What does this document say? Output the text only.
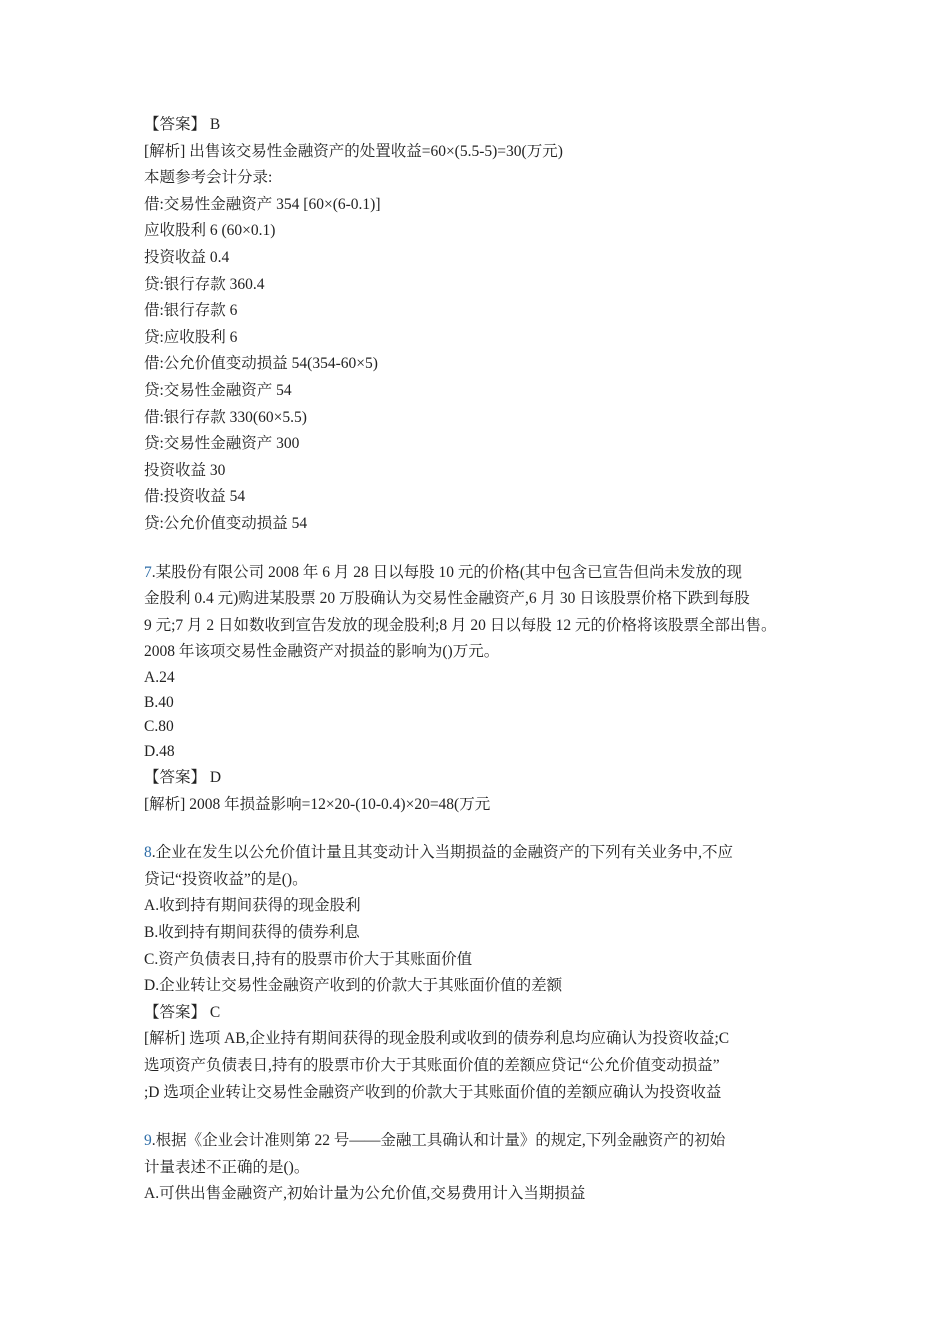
【答案】 B
[解析] 出售该交易性金融资产的处置收益=60×(5.5-5)=30(万元)
本题参考会计分录:
借:交易性金融资产 354 [60×(6-0.1)]
应收股利 6 (60×0.1)
投资收益 0.4
贷:银行存款 360.4
借:银行存款 6
贷:应收股利 6
借:公允价值变动损益 54(354-60×5)
贷:交易性金融资产 54
借:银行存款 330(60×5.5)
贷:交易性金融资产 300
投资收益 30
借:投资收益 54
贷:公允价值变动损益 54
7.某股份有限公司 2008 年 6 月 28 日以每股 10 元的价格(其中包含已宣告但尚未发放的现
金股利 0.4 元)购进某股票 20 万股确认为交易性金融资产,6 月 30 日该股票价格下跌到每股
9 元;7 月 2 日如数收到宣告发放的现金股利;8 月 20 日以每股 12 元的价格将该股票全部出售。
2008 年该项交易性金融资产对损益的影响为()万元。
A.24
B.40
C.80
D.48
【答案】 D
[解析] 2008 年损益影响=12×20-(10-0.4)×20=48(万元
8.企业在发生以公允价值计量且其变动计入当期损益的金融资产的下列有关业务中,不应
贷记“投资收益”的是()。
A.收到持有期间获得的现金股利
B.收到持有期间获得的债券利息
C.资产负债表日,持有的股票市价大于其账面价值
D.企业转让交易性金融资产收到的价款大于其账面价值的差额
【答案】 C
[解析] 选项 AB,企业持有期间获得的现金股利或收到的债券利息均应确认为投资收益;C
选项资产负债表日,持有的股票市价大于其账面价值的差额应贷记“公允价值变动损益”
;D 选项企业转让交易性金融资产收到的价款大于其账面价值的差额应确认为投资收益
9.根据《企业会计准则第 22 号——金融工具确认和计量》的规定,下列金融资产的初始
计量表述不正确的是()。
A.可供出售金融资产,初始计量为公允价值,交易费用计入当期损益
